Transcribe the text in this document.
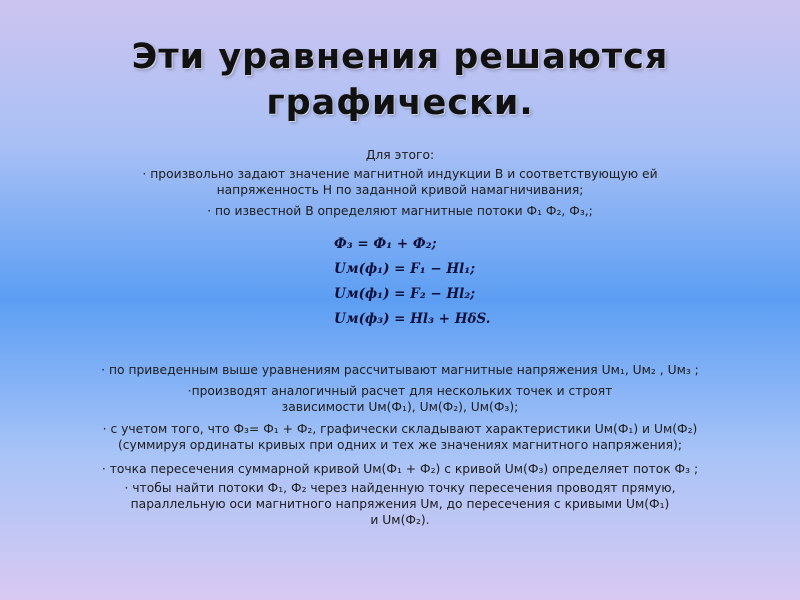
Эти уравнения решаются
графически.
Для этого:
· произвольно задают значение магнитной индукции B и соответствующую ей
напряженность H по заданной кривой намагничивания;
· по известной B определяют магнитные потоки Ф₁ Ф₂, Ф₃,;
Ф₃ = Ф₁ + Ф₂;
Uм(ф₁) = F₁ − Hl₁;
Uм(ф₁) = F₂ − Hl₂;
Uм(ф₃) = Hl₃ + HδS.
· по приведенным выше уравнениям рассчитывают магнитные напряжения Uм₁, Uм₂ , Uм₃ ;
·производят аналогичный расчет для нескольких точек и строят
зависимости Uм(Ф₁), Uм(Ф₂), Uм(Ф₃);
· с учетом того, что Ф₃= Ф₁ + Ф₂, графически складывают характеристики Uм(Ф₁) и Uм(Ф₂)
(суммируя ординаты кривых при одних и тех же значениях магнитного напряжения);
· точка пересечения суммарной кривой Uм(Ф₁ + Ф₂) с кривой Uм(Ф₃) определяет поток Ф₃ ;
· чтобы найти потоки Ф₁, Ф₂ через найденную точку пересечения проводят прямую,
параллельную оси магнитного напряжения Uм, до пересечения с кривыми Uм(Ф₁)
и Uм(Ф₂).
